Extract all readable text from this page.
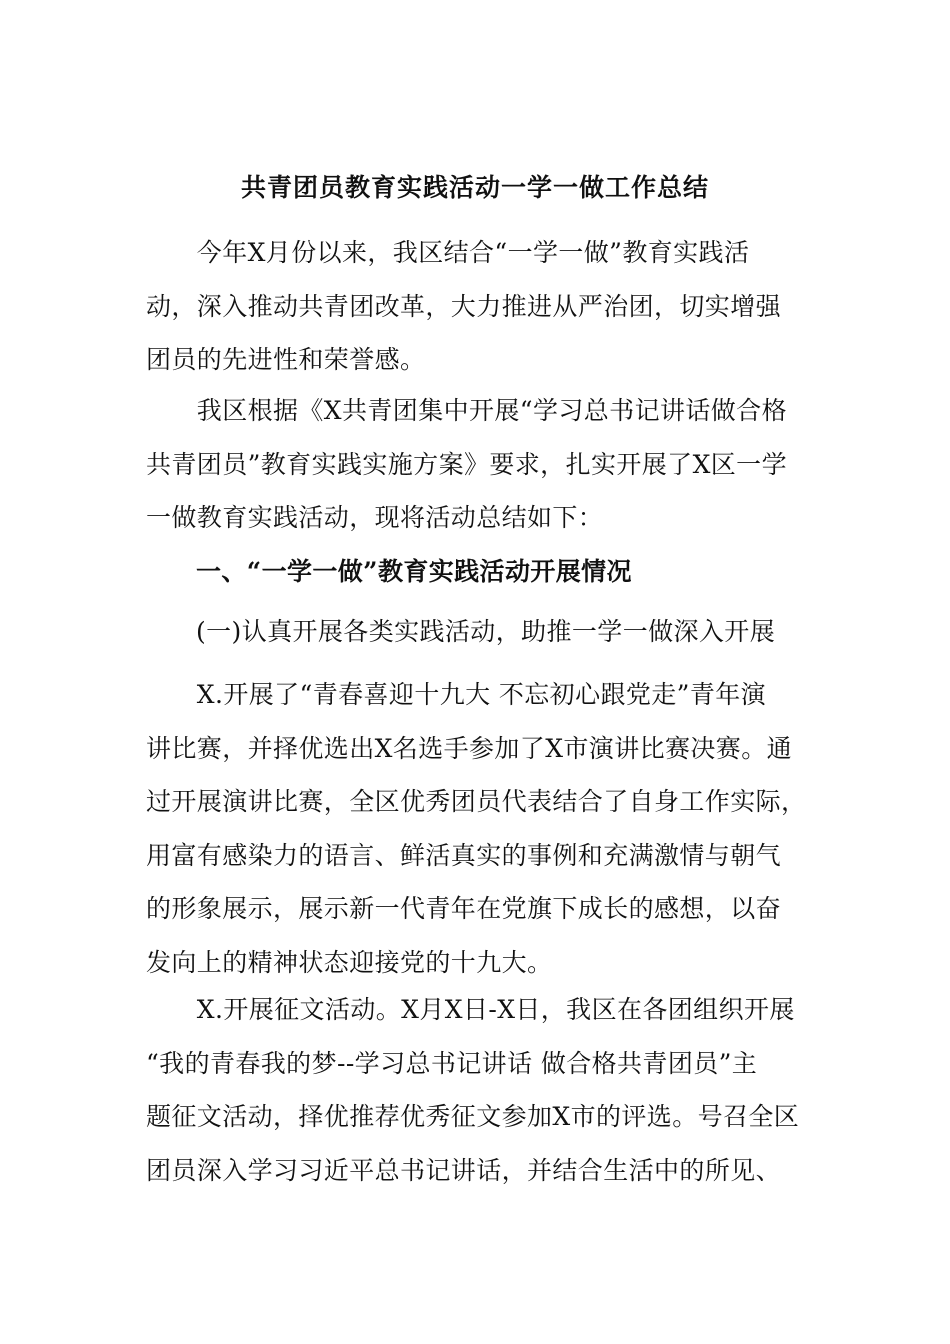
共青团员教育实践活动一学一做工作总结
　　今年X月份以来，我区结合“一学一做”教育实践活
动，深入推动共青团改革，大力推进从严治团，切实增强
团员的先进性和荣誉感。
　　我区根据《X共青团集中开展“学习总书记讲话做合格
共青团员”教育实践实施方案》要求，扎实开展了X区一学
一做教育实践活动，现将活动总结如下：
一、“一学一做”教育实践活动开展情况
(一)认真开展各类实践活动，助推一学一做深入开展
　　X.开展了“青春喜迎十九大 不忘初心跟党走”青年演
讲比赛，并择优选出X名选手参加了X市演讲比赛决赛。通
过开展演讲比赛，全区优秀团员代表结合了自身工作实际，
用富有感染力的语言、鲜活真实的事例和充满激情与朝气
的形象展示，展示新一代青年在党旗下成长的感想，以奋
发向上的精神状态迎接党的十九大。
　　X.开展征文活动。X月X日-X日，我区在各团组织开展
“我的青春我的梦--学习总书记讲话 做合格共青团员”主
题征文活动，择优推荐优秀征文参加X市的评选。号召全区
团员深入学习习近平总书记讲话，并结合生活中的所见、
